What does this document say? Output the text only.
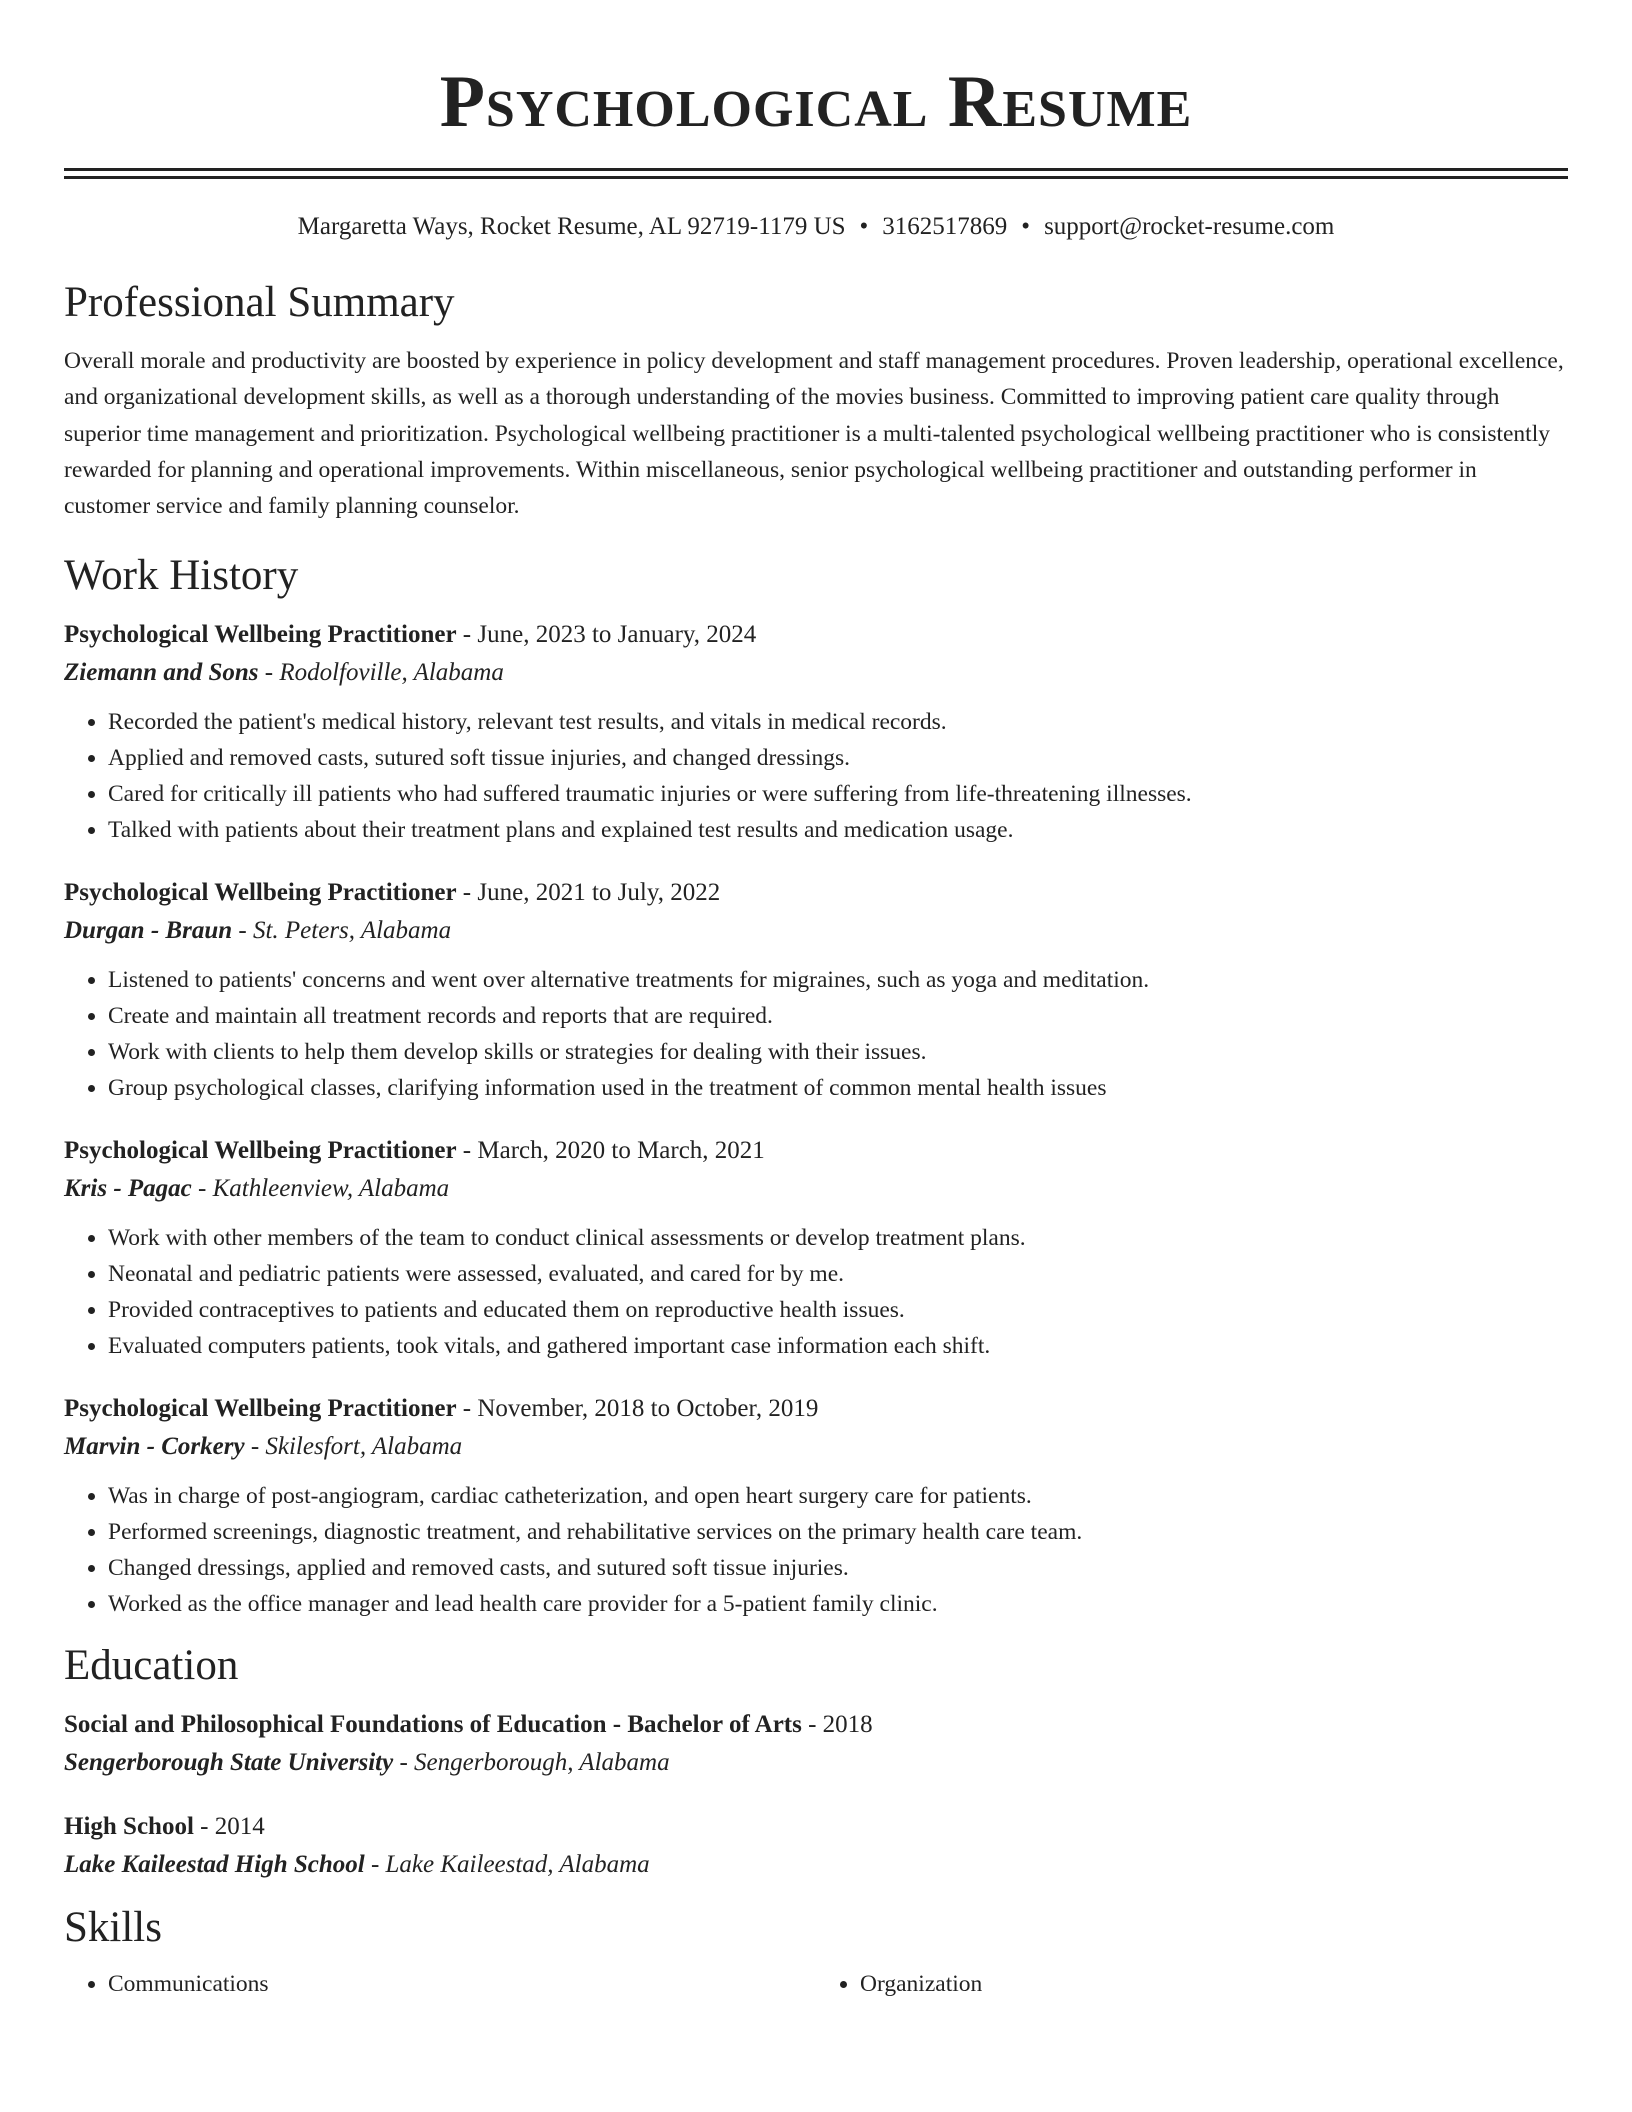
Psychological Resume
Margaretta Ways, Rocket Resume, AL 92719-1179 US • 3162517869 • support@rocket-resume.com
Professional Summary

Overall morale and productivity are boosted by experience in policy development and staff management procedures. Proven leadership, operational excellence, and organizational development skills, as well as a thorough understanding of the movies business. Committed to improving patient care quality through superior time management and prioritization. Psychological wellbeing practitioner is a multi-talented psychological wellbeing practitioner who is consistently rewarded for planning and operational improvements. Within miscellaneous, senior psychological wellbeing practitioner and outstanding performer in customer service and family planning counselor.

Work History
Psychological Wellbeing Practitioner - June, 2023 to January, 2024
Ziemann and Sons - Rodolfoville, Alabama
• Recorded the patient's medical history, relevant test results, and vitals in medical records.
• Applied and removed casts, sutured soft tissue injuries, and changed dressings.
• Cared for critically ill patients who had suffered traumatic injuries or were suffering from life-threatening illnesses.
• Talked with patients about their treatment plans and explained test results and medication usage.
Psychological Wellbeing Practitioner - June, 2021 to July, 2022
Durgan - Braun - St. Peters, Alabama
• Listened to patients' concerns and went over alternative treatments for migraines, such as yoga and meditation.
• Create and maintain all treatment records and reports that are required.
• Work with clients to help them develop skills or strategies for dealing with their issues.
• Group psychological classes, clarifying information used in the treatment of common mental health issues
Psychological Wellbeing Practitioner - March, 2020 to March, 2021
Kris - Pagac - Kathleenview, Alabama
• Work with other members of the team to conduct clinical assessments or develop treatment plans.
• Neonatal and pediatric patients were assessed, evaluated, and cared for by me.
• Provided contraceptives to patients and educated them on reproductive health issues.
• Evaluated computers patients, took vitals, and gathered important case information each shift.
Psychological Wellbeing Practitioner - November, 2018 to October, 2019
Marvin - Corkery - Skilesfort, Alabama
• Was in charge of post-angiogram, cardiac catheterization, and open heart surgery care for patients.
• Performed screenings, diagnostic treatment, and rehabilitative services on the primary health care team.
• Changed dressings, applied and removed casts, and sutured soft tissue injuries.
• Worked as the office manager and lead health care provider for a 5-patient family clinic.
Education
Social and Philosophical Foundations of Education - Bachelor of Arts - 2018
Sengerborough State University - Sengerborough, Alabama
High School - 2014
Lake Kaileestad High School - Lake Kaileestad, Alabama
Skills
• Communications
•	Organization
